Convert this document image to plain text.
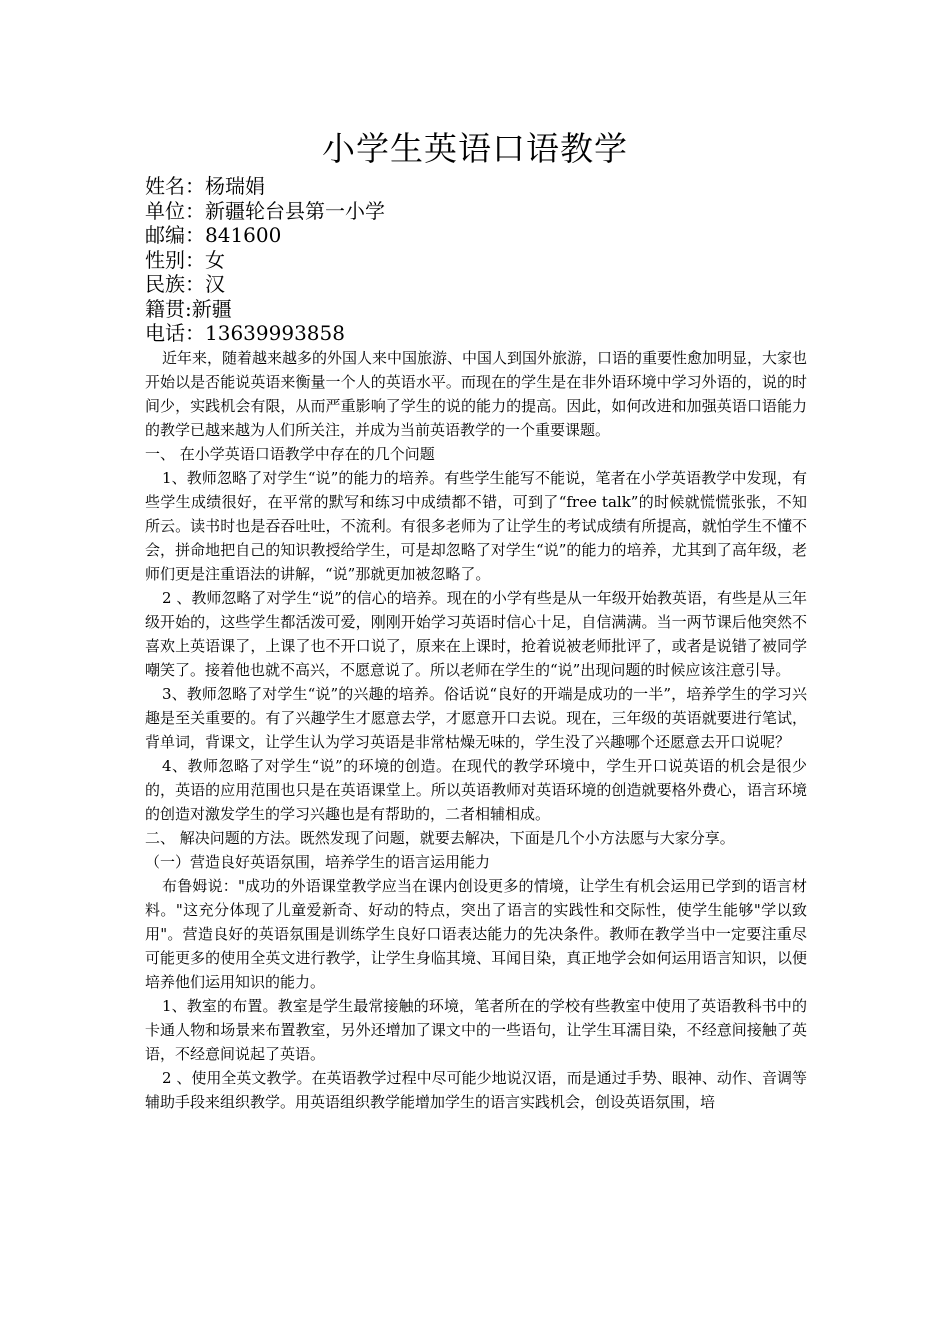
小学生英语口语教学
姓名：杨瑞娟
单位：新疆轮台县第一小学
邮编：841600
性别：女
民族：汉
籍贯:新疆
电话：13639993858

近年来，随着越来越多的外国人来中国旅游、中国人到国外旅游，口语的重要性愈加明显，大家也开始以是否能说英语来衡量一个人的英语水平。而现在的学生是在非外语环境中学习外语的，说的时间少，实践机会有限，从而严重影响了学生的说的能力的提高。因此，如何改进和加强英语口语能力的教学已越来越为人们所关注，并成为当前英语教学的一个重要课题。

一、 在小学英语口语教学中存在的几个问题

1、教师忽略了对学生“说”的能力的培养。有些学生能写不能说，笔者在小学英语教学中发现，有些学生成绩很好，在平常的默写和练习中成绩都不错，可到了“free talk”的时候就慌慌张张，不知所云。读书时也是吞吞吐吐，不流利。有很多老师为了让学生的考试成绩有所提高，就怕学生不懂不会，拼命地把自己的知识教授给学生，可是却忽略了对学生“说”的能力的培养，尤其到了高年级，老师们更是注重语法的讲解，“说”那就更加被忽略了。

2 、教师忽略了对学生“说”的信心的培养。现在的小学有些是从一年级开始教英语，有些是从三年级开始的，这些学生都活泼可爱，刚刚开始学习英语时信心十足，自信满满。当一两节课后他突然不喜欢上英语课了，上课了也不开口说了，原来在上课时，抢着说被老师批评了，或者是说错了被同学嘲笑了。接着他也就不高兴，不愿意说了。所以老师在学生的“说”出现问题的时候应该注意引导。

3、教师忽略了对学生“说”的兴趣的培养。俗话说“良好的开端是成功的一半”，培养学生的学习兴趣是至关重要的。有了兴趣学生才愿意去学，才愿意开口去说。现在，三年级的英语就要进行笔试，背单词，背课文，让学生认为学习英语是非常枯燥无味的，学生没了兴趣哪个还愿意去开口说呢？

4、教师忽略了对学生“说”的环境的创造。在现代的教学环境中，学生开口说英语的机会是很少的，英语的应用范围也只是在英语课堂上。所以英语教师对英语环境的创造就要格外费心，语言环境的创造对激发学生的学习兴趣也是有帮助的，二者相辅相成。

二、 解决问题的方法。既然发现了问题，就要去解决，下面是几个小方法愿与大家分享。

（一）营造良好英语氛围，培养学生的语言运用能力

布鲁姆说："成功的外语课堂教学应当在课内创设更多的情境，让学生有机会运用已学到的语言材料。"这充分体现了儿童爱新奇、好动的特点，突出了语言的实践性和交际性，使学生能够"学以致用"。营造良好的英语氛围是训练学生良好口语表达能力的先决条件。教师在教学当中一定要注重尽可能更多的使用全英文进行教学，让学生身临其境、耳闻目染，真正地学会如何运用语言知识，以便培养他们运用知识的能力。

1、教室的布置。教室是学生最常接触的环境，笔者所在的学校有些教室中使用了英语教科书中的卡通人物和场景来布置教室，另外还增加了课文中的一些语句，让学生耳濡目染，不经意间接触了英语，不经意间说起了英语。

2 、使用全英文教学。在英语教学过程中尽可能少地说汉语，而是通过手势、眼神、动作、音调等辅助手段来组织教学。用英语组织教学能增加学生的语言实践机会，创设英语氛围，培
